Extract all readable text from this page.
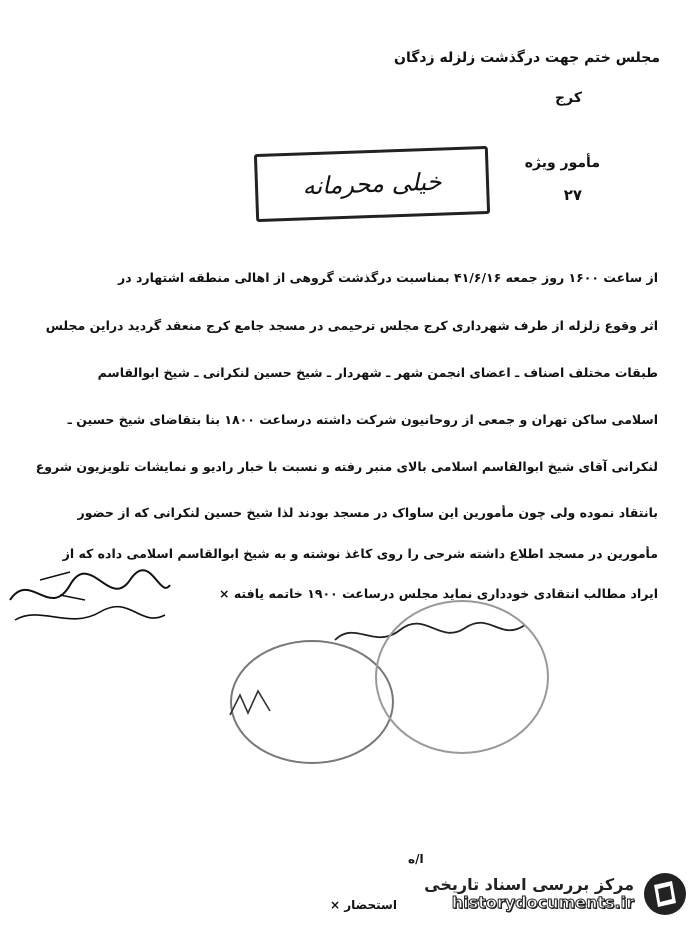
مجلس ختم جهت درگذشت زلزله زدگان
کرج
مأمور ویژه
۲۷
خیلی محرمانه
از ساعت ۱۶۰۰ روز جمعه ۴۱/۶/۱۶ بمناسبت درگذشت گروهی از اهالی منطقه اشتهارد در
اثر وقوع زلزله از طرف شهرداری کرج مجلس ترحیمی در مسجد جامع کرج منعقد گردید دراین مجلس
طبقات مختلف اصناف ـ اعضای انجمن شهر ـ شهردار ـ شیخ حسین لنکرانی ـ شیخ ابوالقاسم
اسلامی ساکن تهران و جمعی از روحانیون شرکت داشته درساعت ۱۸۰۰ بنا بتقاضای شیخ حسین ـ
لنکرانی آقای شیخ ابوالقاسم اسلامی بالای منبر رفته و نسبت با خبار رادیو و نمایشات تلویزیون شروع
بانتقاد نموده ولی چون مأمورین این ساواک در مسجد بودند لذا شیخ حسین لنکرانی که از حضور
مأمورین در مسجد اطلاع داشته شرحی را روی کاغذ نوشته و به شیخ ابوالقاسم اسلامی داده که از
ایراد مطالب انتقادی خودداری نماید مجلس درساعت ۱۹۰۰ خاتمه یافته ×
ا/ه
استحضار ×
مرکز بررسی اسناد تاریخی
historydocuments.ir
